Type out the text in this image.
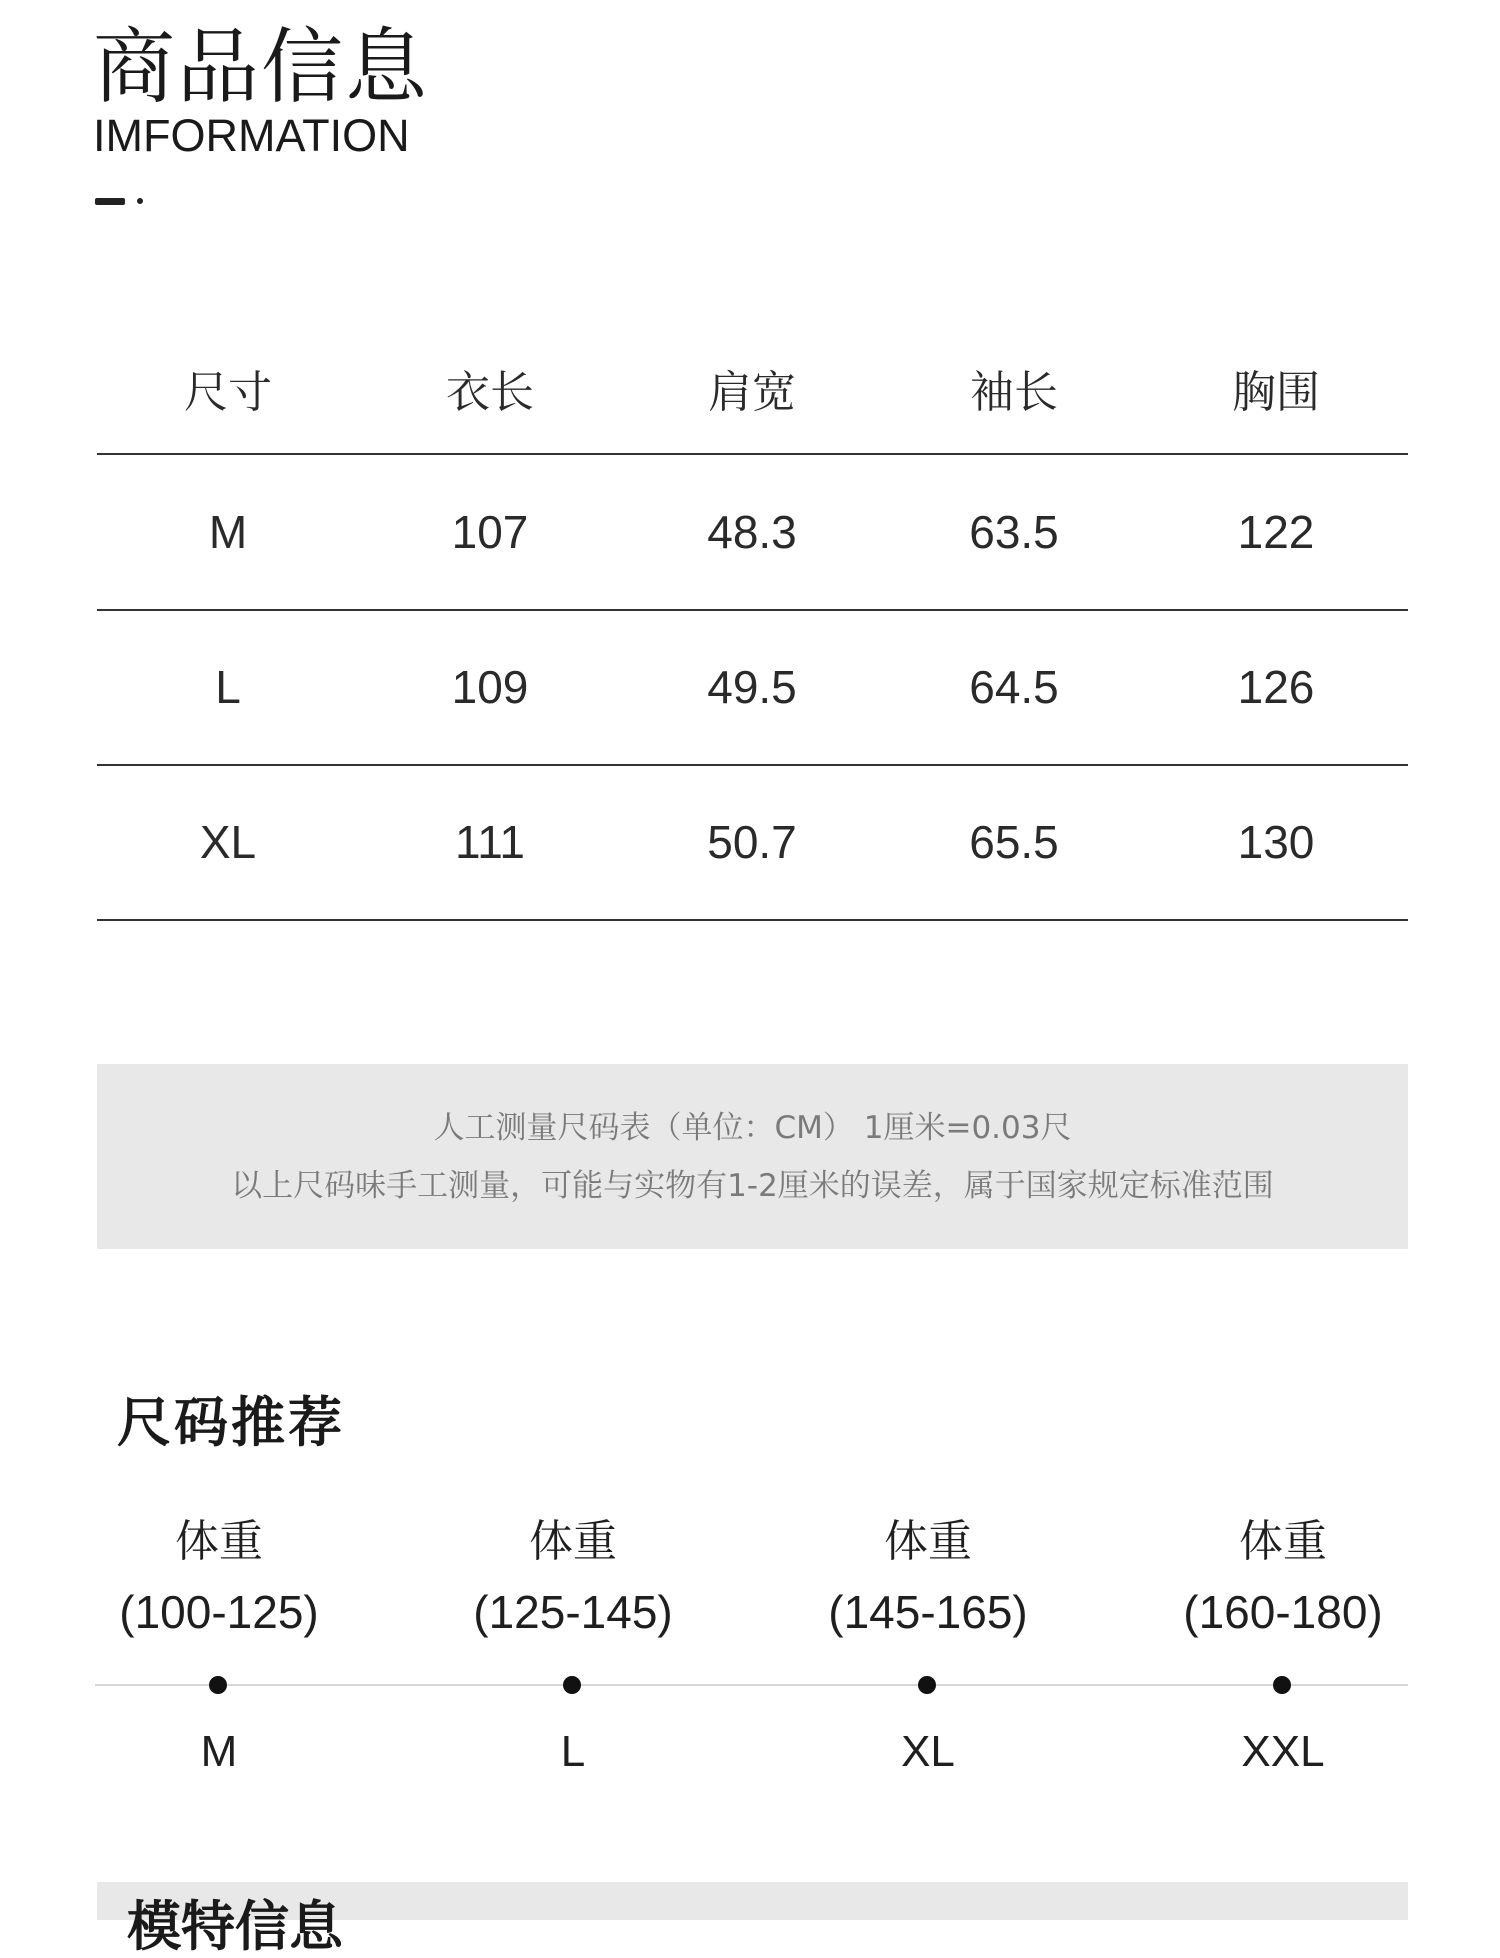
商品信息
IMFORMATION
尺寸	衣长	肩宽	袖长	胸围
M	107	48.3	63.5	122
L	109	49.5	64.5	126
XL	111	50.7	65.5	130
人工测量尺码表（单位：CM） 1厘米=0.03尺
以上尺码味手工测量，可能与实物有1-2厘米的误差，属于国家规定标准范围
尺码推荐
体重
(100-125)
M
体重
(125-145)
L
体重
(145-165)
XL
体重
(160-180)
XXL
模特信息
